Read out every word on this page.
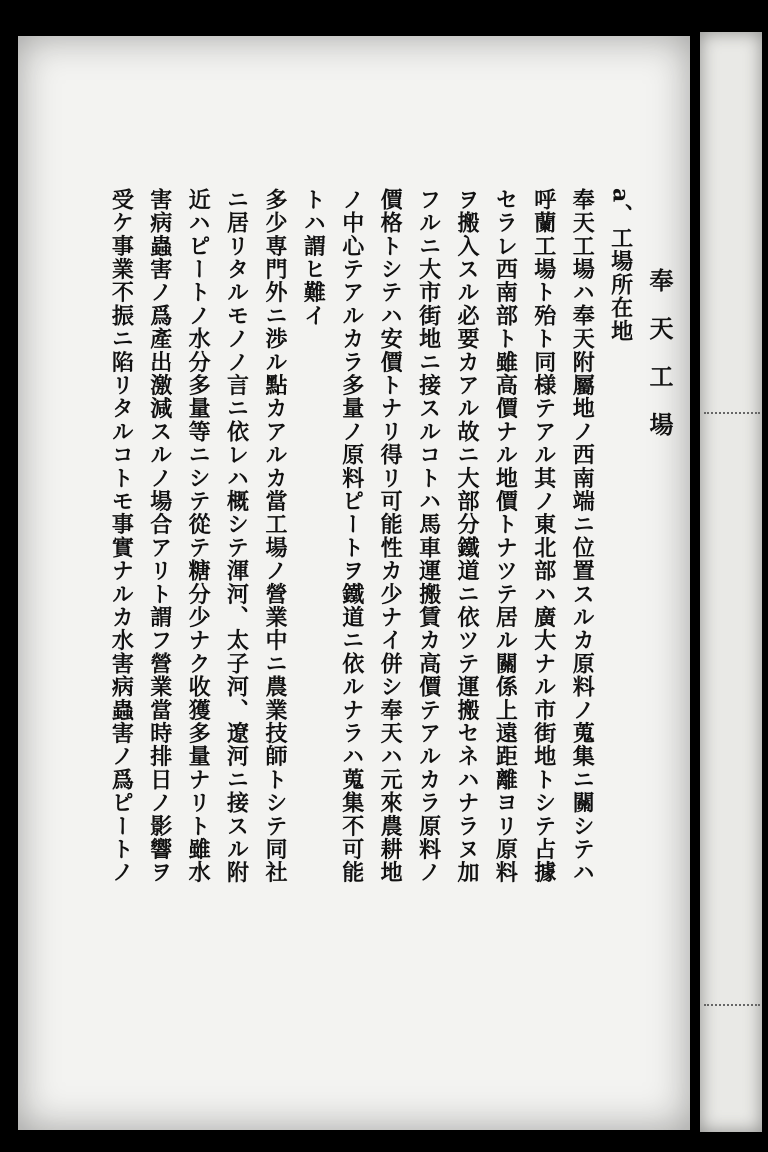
奉天工場
a、工場所在地
奉天工場ハ奉天附屬地ノ西南端ニ位置スルカ原料ノ蒐集ニ關シテハ
呼蘭工場ト殆ト同様テアル其ノ東北部ハ廣大ナル市街地トシテ占據
セラレ西南部ト雖高價ナル地價トナツテ居ル關係上遠距離ヨリ原料
ヲ搬入スル必要カアル故ニ大部分鐵道ニ依ツテ運搬セネハナラヌ加
フルニ大市街地ニ接スルコトハ馬車運搬賃カ高價テアルカラ原料ノ
價格トシテハ安價トナリ得リ可能性カ少ナイ併シ奉天ハ元來農耕地
ノ中心テアルカラ多量ノ原料ピートヲ鐵道ニ依ルナラハ蒐集不可能
トハ謂ヒ難イ
多少専門外ニ渉ル點カアルカ當工場ノ營業中ニ農業技師トシテ同社
ニ居リタルモノノ言ニ依レハ概シテ渾河、太子河、遼河ニ接スル附
近ハピートノ水分多量等ニシテ從テ糖分少ナク收獲多量ナリト雖水
害病蟲害ノ爲產出激減スルノ場合アリト謂フ營業當時排日ノ影響ヲ
受ケ事業不振ニ陷リタルコトモ事實ナルカ水害病蟲害ノ爲ピートノ
